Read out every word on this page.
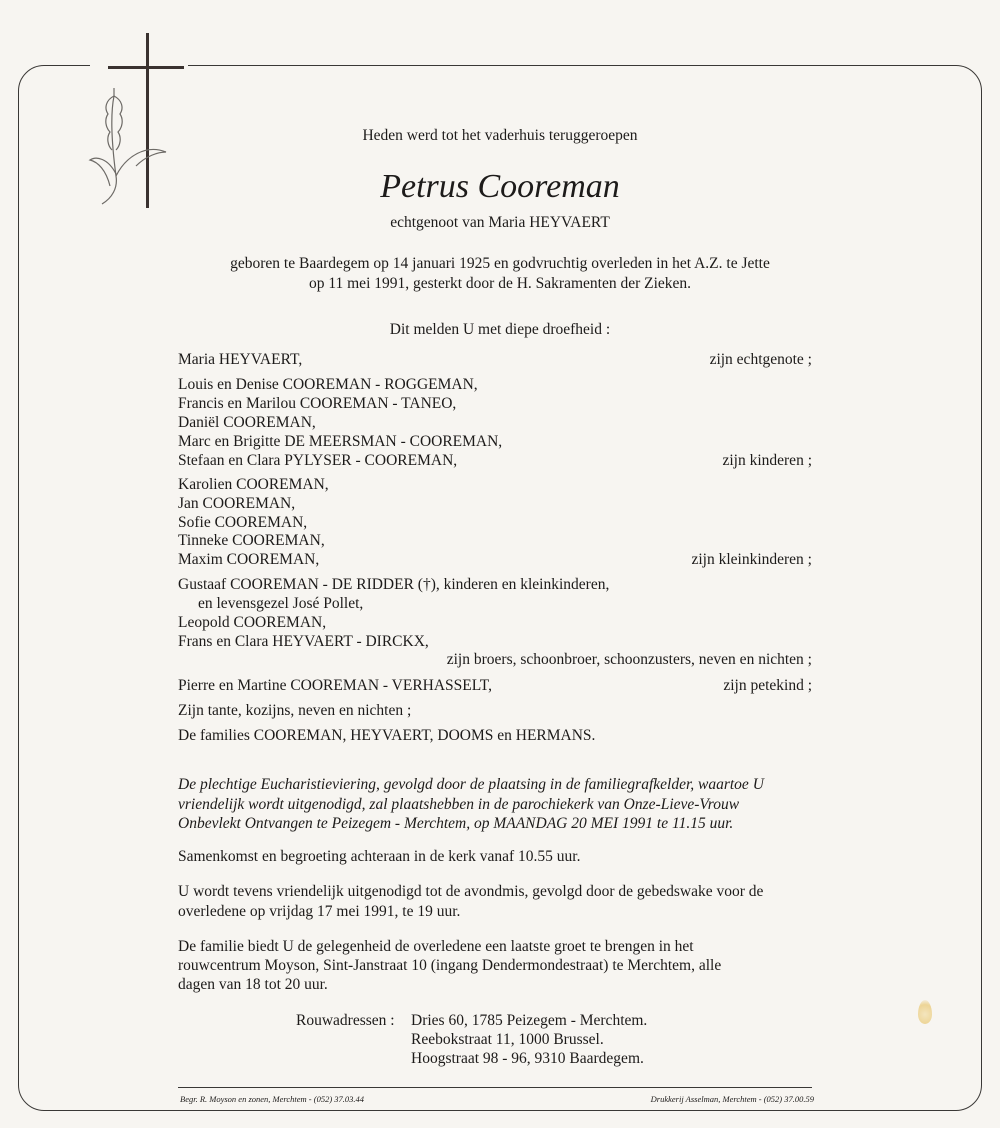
Heden werd tot het vaderhuis teruggeroepen
Petrus Cooreman
echtgenoot van Maria HEYVAERT
geboren te Baardegem op 14 januari 1925 en godvruchtig overleden in het A.Z. te Jette
op 11 mei 1991, gesterkt door de H. Sakramenten der Zieken.
Dit melden U met diepe droefheid :
Maria HEYVAERT,	zijn echtgenote ;
Louis en Denise COOREMAN - ROGGEMAN,
Francis en Marilou COOREMAN - TANEO,
Daniël COOREMAN,
Marc en Brigitte DE MEERSMAN - COOREMAN,
Stefaan en Clara PYLYSER - COOREMAN,	zijn kinderen ;
Karolien COOREMAN,
Jan COOREMAN,
Sofie COOREMAN,
Tinneke COOREMAN,
Maxim COOREMAN,	zijn kleinkinderen ;
Gustaaf COOREMAN - DE RIDDER (†), kinderen en kleinkinderen,
en levensgezel José Pollet,
Leopold COOREMAN,
Frans en Clara HEYVAERT - DIRCKX,
zijn broers, schoonbroer, schoonzusters, neven en nichten ;
Pierre en Martine COOREMAN - VERHASSELT,	zijn petekind ;
Zijn tante, kozijns, neven en nichten ;
De families COOREMAN, HEYVAERT, DOOMS en HERMANS.
De plechtige Eucharistieviering, gevolgd door de plaatsing in de familiegrafkelder, waartoe U
vriendelijk wordt uitgenodigd, zal plaatshebben in de parochiekerk van Onze-Lieve-Vrouw
Onbevlekt Ontvangen te Peizegem - Merchtem, op MAANDAG 20 MEI 1991 te 11.15 uur.
Samenkomst en begroeting achteraan in de kerk vanaf 10.55 uur.
U wordt tevens vriendelijk uitgenodigd tot de avondmis, gevolgd door de gebedswake voor de
overledene op vrijdag 17 mei 1991, te 19 uur.
De familie biedt U de gelegenheid de overledene een laatste groet te brengen in het
rouwcentrum Moyson, Sint-Janstraat 10 (ingang Dendermondestraat) te Merchtem, alle
dagen van 18 tot 20 uur.
Rouwadressen : Dries 60, 1785 Peizegem - Merchtem.
Reebokstraat 11, 1000 Brussel.
Hoogstraat 98 - 96, 9310 Baardegem.
Begr. R. Moyson en zonen, Merchtem - (052) 37.03.44	Drukkerij Asselman, Merchtem - (052) 37.00.59
